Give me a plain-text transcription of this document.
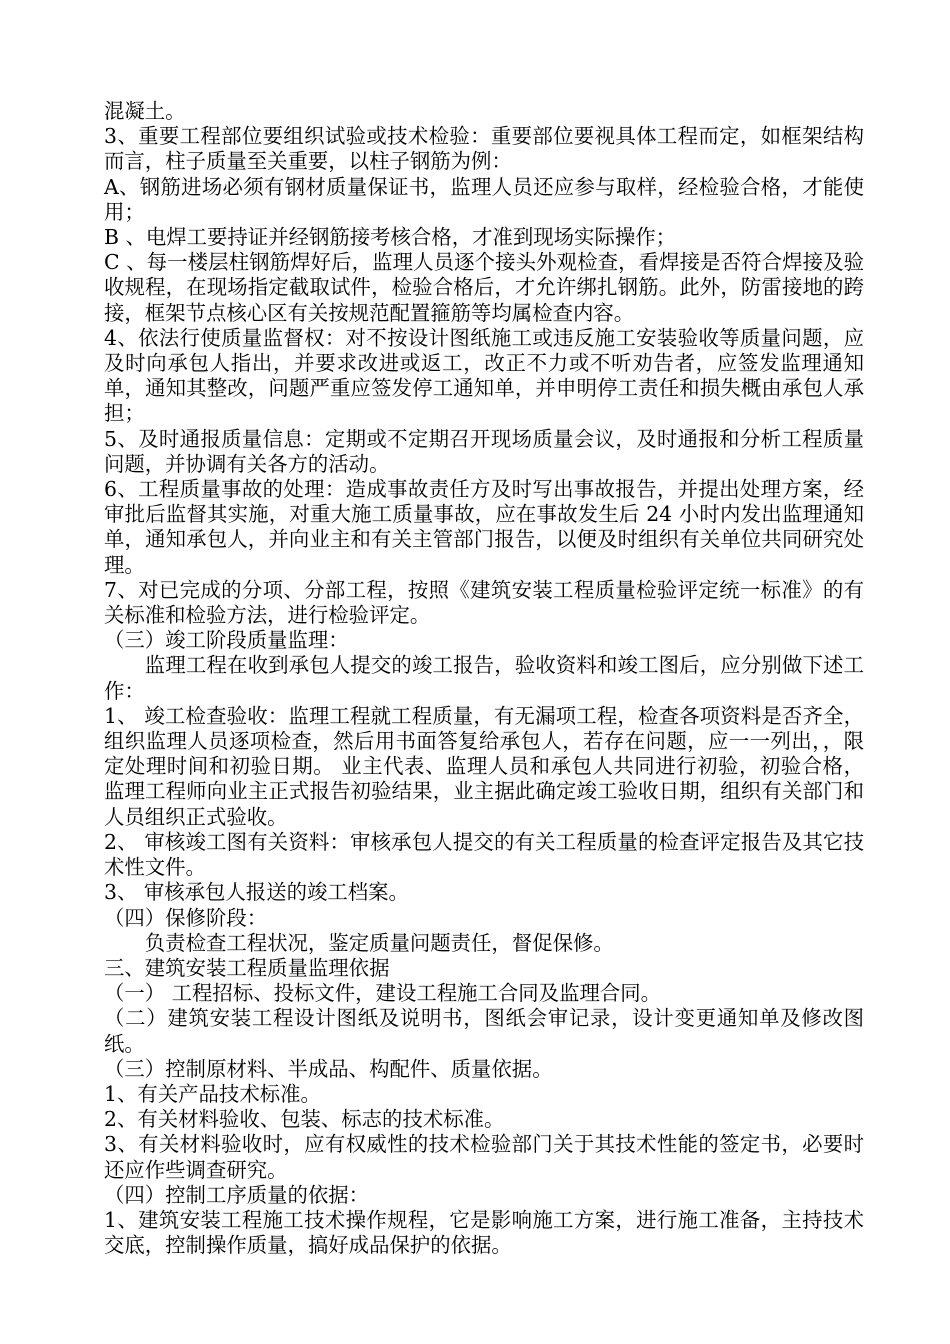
混凝土。

3、重要工程部位要组织试验或技术检验：重要部位要视具体工程而定，如框架结构而言，柱子质量至关重要，以柱子钢筋为例：

A、钢筋进场必须有钢材质量保证书，监理人员还应参与取样，经检验合格，才能使用；

B 、电焊工要持证并经钢筋接考核合格，才准到现场实际操作；

C 、每一楼层柱钢筋焊好后，监理人员逐个接头外观检查，看焊接是否符合焊接及验收规程，在现场指定截取试件，检验合格后，才允许绑扎钢筋。此外，防雷接地的跨接，框架节点核心区有关按规范配置箍筋等均属检查内容。

4、依法行使质量监督权：对不按设计图纸施工或违反施工安装验收等质量问题，应及时向承包人指出，并要求改进或返工，改正不力或不听劝告者，应签发监理通知单，通知其整改，问题严重应签发停工通知单，并申明停工责任和损失概由承包人承担；

5、及时通报质量信息：定期或不定期召开现场质量会议，及时通报和分析工程质量问题，并协调有关各方的活动。

6、工程质量事故的处理：造成事故责任方及时写出事故报告，并提出处理方案，经审批后监督其实施，对重大施工质量事故，应在事故发生后 24 小时内发出监理通知单，通知承包人，并向业主和有关主管部门报告，以便及时组织有关单位共同研究处理。

7、对已完成的分项、分部工程，按照《建筑安装工程质量检验评定统一标准》的有关标准和检验方法，进行检验评定。

（三）竣工阶段质量监理：

监理工程在收到承包人提交的竣工报告，验收资料和竣工图后，应分别做下述工作：

1、 竣工检查验收：监理工程就工程质量，有无漏项工程，检查各项资料是否齐全，组织监理人员逐项检查，然后用书面答复给承包人，若存在问题，应一一列出，，限定处理时间和初验日期。 业主代表、监理人员和承包人共同进行初验，初验合格，监理工程师向业主正式报告初验结果，业主据此确定竣工验收日期，组织有关部门和人员组织正式验收。

2、 审核竣工图有关资料：审核承包人提交的有关工程质量的检查评定报告及其它技术性文件。

3、 审核承包人报送的竣工档案。

（四）保修阶段：

负责检查工程状况，鉴定质量问题责任，督促保修。

三、建筑安装工程质量监理依据

（一） 工程招标、投标文件，建设工程施工合同及监理合同。

（二）建筑安装工程设计图纸及说明书，图纸会审记录，设计变更通知单及修改图纸。

（三）控制原材料、半成品、构配件、质量依据。

1、有关产品技术标准。

2、有关材料验收、包装、标志的技术标准。

3、有关材料验收时，应有权威性的技术检验部门关于其技术性能的签定书，必要时还应作些调查研究。

（四）控制工序质量的依据：

1、建筑安装工程施工技术操作规程，它是影响施工方案，进行施工准备，主持技术交底，控制操作质量，搞好成品保护的依据。
